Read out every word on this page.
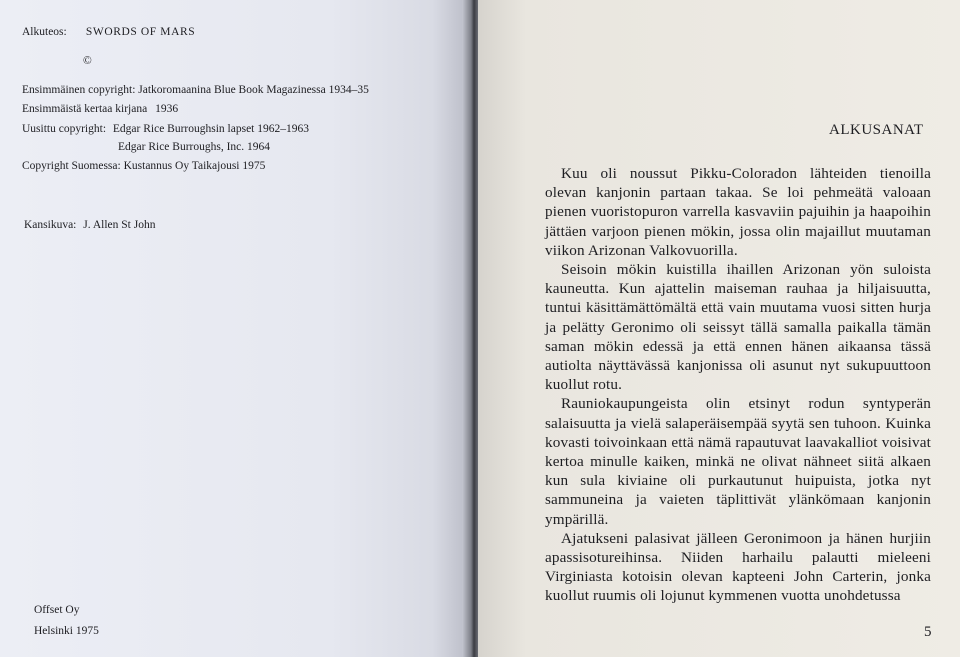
Alkuteos: SWORDS OF MARS
©
Ensimmäinen copyright: Jatkoromaanina Blue Book Magazinessa 1934–35
Ensimmäistä kertaa kirjana 1936
Uusittu copyright: Edgar Rice Burroughsin lapset 1962–1963
Edgar Rice Burroughs, Inc. 1964
Copyright Suomessa: Kustannus Oy Taikajousi 1975
Kansikuva: J. Allen St John
Offset Oy
Helsinki 1975
ALKUSANAT

Kuu oli noussut Pikku-Coloradon lähteiden tienoilla olevan kanjonin partaan takaa. Se loi pehmeätä valoaan pienen vuoristopuron varrella kasvaviin pajuihin ja haapoihin jättäen varjoon pienen mökin, jossa olin majaillut muutaman viikon Arizonan Valkovuorilla.

Seisoin mökin kuistilla ihaillen Arizonan yön suloista kauneutta. Kun ajattelin maiseman rauhaa ja hiljaisuutta, tuntui käsittämättömältä että vain muutama vuosi sitten hurja ja pelätty Geronimo oli seissyt tällä samalla paikalla tämän saman mökin edessä ja että ennen hänen aikaansa tässä autiolta näyttävässä kanjonissa oli asunut nyt sukupuuttoon kuollut rotu.

Rauniokaupungeista olin etsinyt rodun syntyperän salaisuutta ja vielä salaperäisempää syytä sen tuhoon. Kuinka kovasti toivoinkaan että nämä rapautuvat laavakalliot voisivat kertoa minulle kaiken, minkä ne olivat nähneet siitä alkaen kun sula kiviaine oli purkautunut huipuista, jotka nyt sammuneina ja vaieten täplittivät ylänkömaan kanjonin ympärillä.

Ajatukseni palasivat jälleen Geronimoon ja hänen hurjiin apassisotureihinsa. Niiden harhailu palautti mieleeni Virginiasta kotoisin olevan kapteeni John Carterin, jonka kuollut ruumis oli lojunut kymmenen vuotta unohdetussa

5
